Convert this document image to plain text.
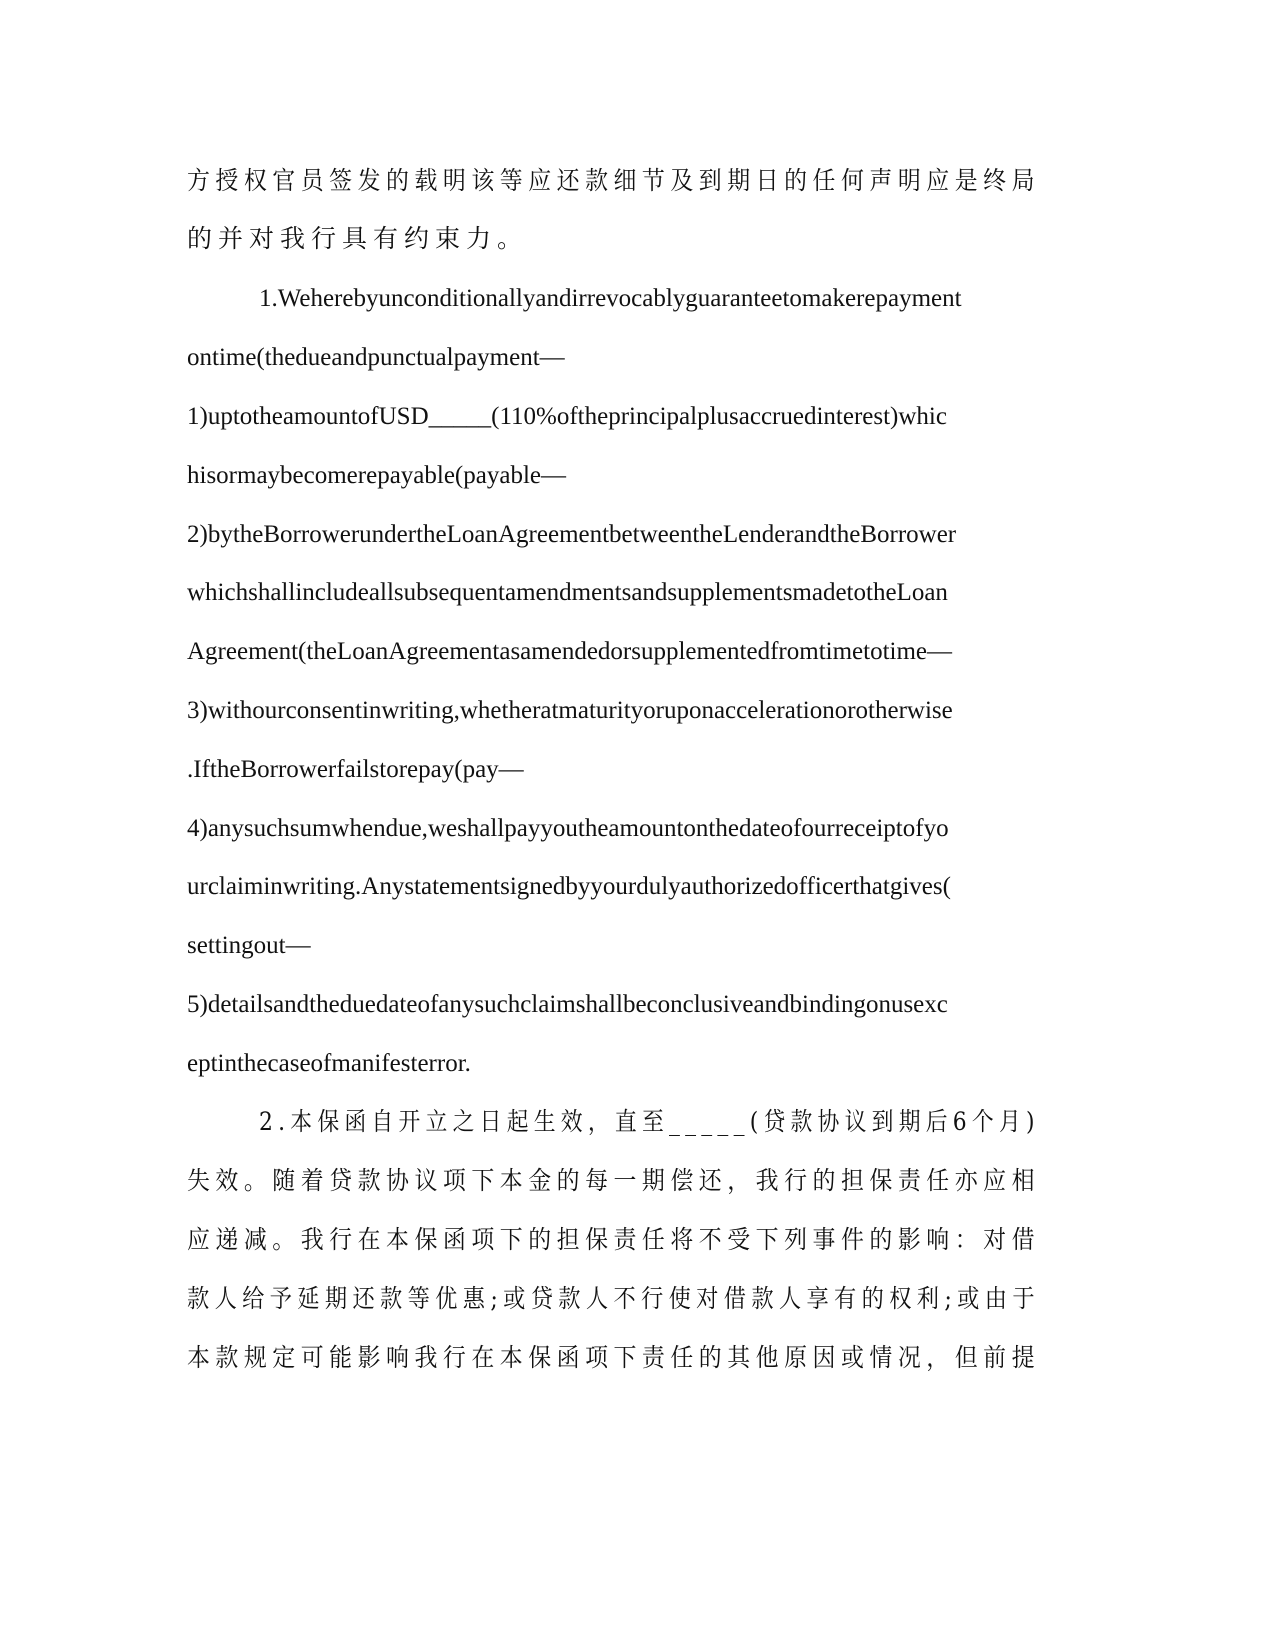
方授权官员签发的载明该等应还款细节及到期日的任何声明应是终局
的并对我行具有约束力。
1.Weherebyunconditionallyandirrevocablyguaranteetomakerepayment
ontime(thedueandpunctualpayment—
1)uptotheamountofUSD_____(110%oftheprincipalplusaccruedinterest)whic
hisormaybecomerepayable(payable—
2)bytheBorrowerundertheLoanAgreementbetweentheLenderandtheBorrower
whichshallincludeallsubsequentamendmentsandsupplementsmadetotheLoan
Agreement(theLoanAgreementasamendedorsupplementedfromtimetotime—
3)withourconsentinwriting,whetheratmaturityoruponaccelerationorotherwise
.IftheBorrowerfailstorepay(pay—
4)anysuchsumwhendue,weshallpayyoutheamountonthedateofourreceiptofyo
urclaiminwriting.Anystatementsignedbyyourdulyauthorizedofficerthatgives(
settingout—
5)detailsandtheduedateofanysuchclaimshallbeconclusiveandbindingonusexc
eptinthecaseofmanifesterror.
2.本保函自开立之日起生效，直至_____(贷款协议到期后6个月)
失效。随着贷款协议项下本金的每一期偿还，我行的担保责任亦应相
应递减。我行在本保函项下的担保责任将不受下列事件的影响：对借
款人给予延期还款等优惠;或贷款人不行使对借款人享有的权利;或由于
本款规定可能影响我行在本保函项下责任的其他原因或情况，但前提
